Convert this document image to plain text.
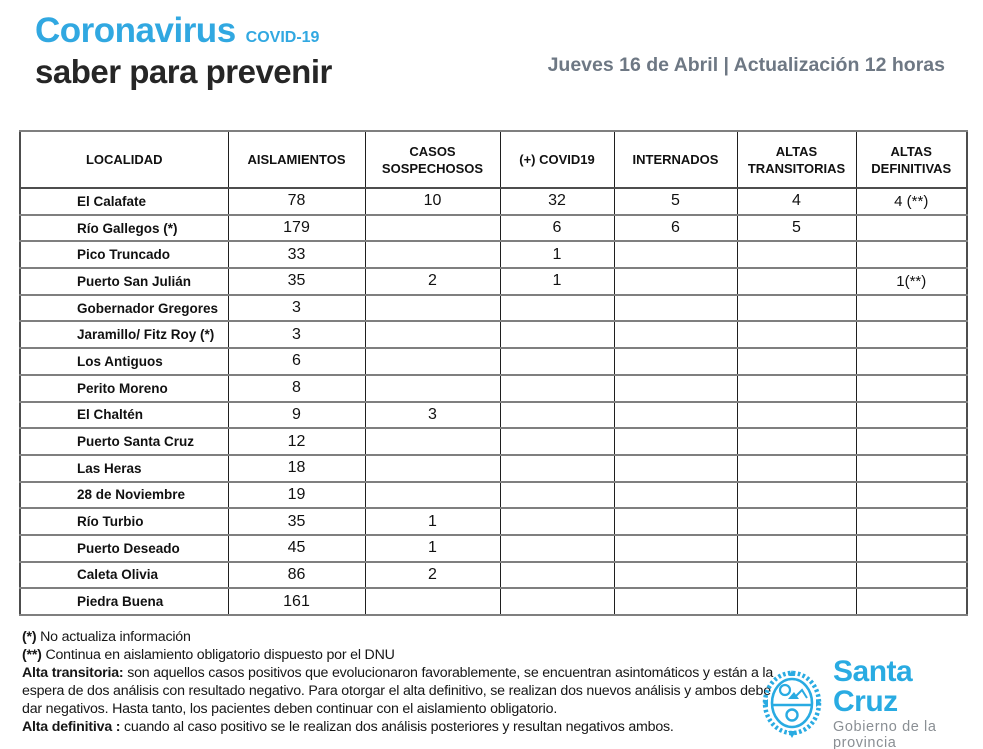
Coronavirus COVID-19
saber para prevenir	Jueves 16 de Abril | Actualización 12 horas
LOCALIDAD	AISLAMIENTOS	CASOS SOSPECHOSOS	(+) COVID19	INTERNADOS	ALTAS TRANSITORIAS	ALTAS DEFINITIVAS
El Calafate	78	10	32	5	4	4 (**)
Río Gallegos (*)	179		6	6	5	
Pico Truncado	33		1			
Puerto San Julián	35	2	1			1(**)
Gobernador Gregores	3					
Jaramillo/ Fitz Roy (*)	3					
Los Antiguos	6					
Perito Moreno	8					
El Chaltén	9	3				
Puerto Santa Cruz	12					
Las Heras	18					
28 de Noviembre	19					
Río Turbio	35	1				
Puerto Deseado	45	1				
Caleta Olivia	86	2				
Piedra Buena	161					

(*) No actualiza información

(**) Continua en aislamiento obligatorio dispuesto por el DNU

Alta transitoria: son aquellos casos positivos que evolucionaron favorablemente, se encuentran asintomáticos y están a la espera de dos análisis con resultado negativo. Para otorgar el alta definitivo, se realizan dos nuevos análisis y ambos debe dar negativos. Hasta tanto, los pacientes deben continuar con el aislamiento obligatorio.

Alta definitiva : cuando al caso positivo se le realizan dos análisis posteriores y resultan negativos ambos.

Santa Cruz
Gobierno de la provincia
